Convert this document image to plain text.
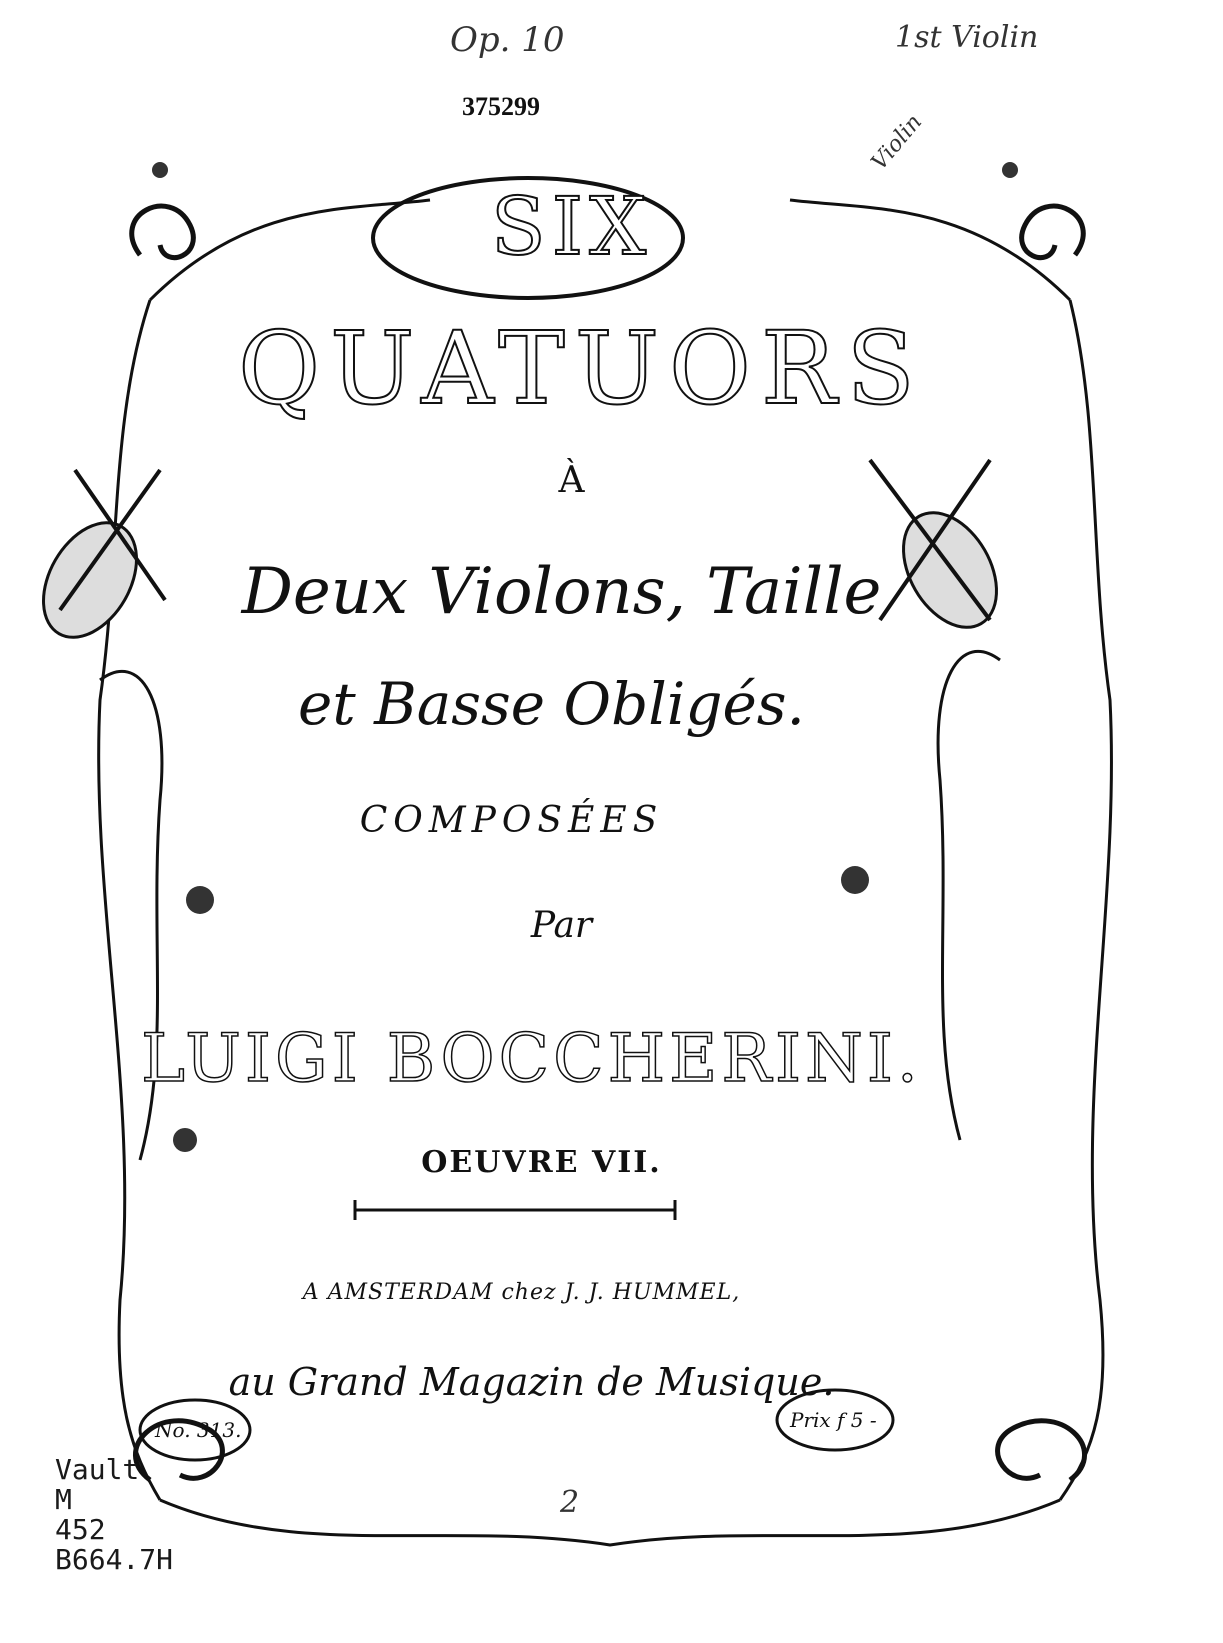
Op. 10	1st Violin
Violin
375299
SIX
QUATUORS
À
Deux Violons, Taille
et Basse Obligés.
COMPOSÉES
Par
LUIGI BOCCHERINI.
OEUVRE VII.
A AMSTERDAM chez J. J. HUMMEL,
au Grand Magazin de Musique.
No. 313.	Prix f 5 -
Vault
M
452
B664.7H
2
